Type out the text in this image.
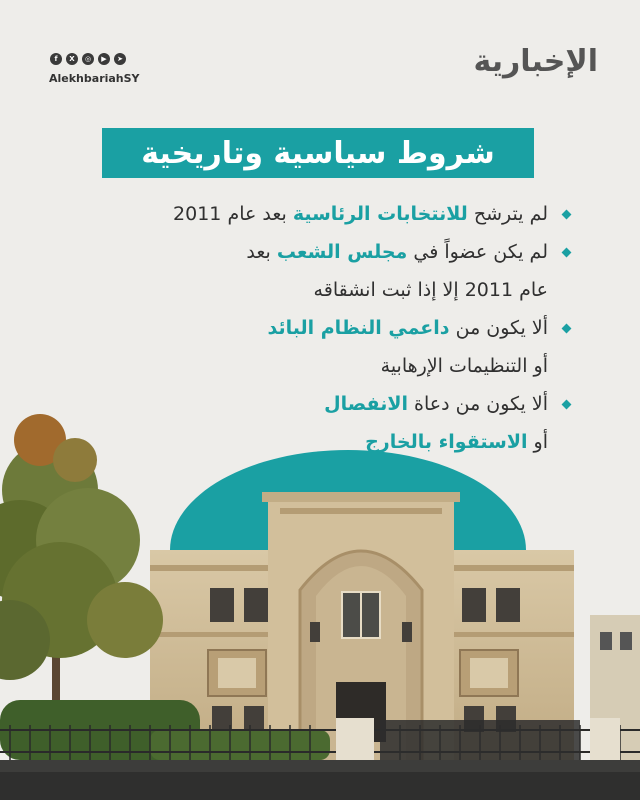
f	X	◎	▶	➤
AlekhbariahSY	الإخبارية
شروط سياسية وتاريخية
لم يترشح للانتخابات الرئاسية بعد عام 2011
لم يكن عضواً في مجلس الشعب بعد
عام 2011 إلا إذا ثبت انشقاقه
ألا يكون من داعمي النظام البائد
أو التنظيمات الإرهابية
ألا يكون من دعاة الانفصال
أو الاستقواء بالخارج
